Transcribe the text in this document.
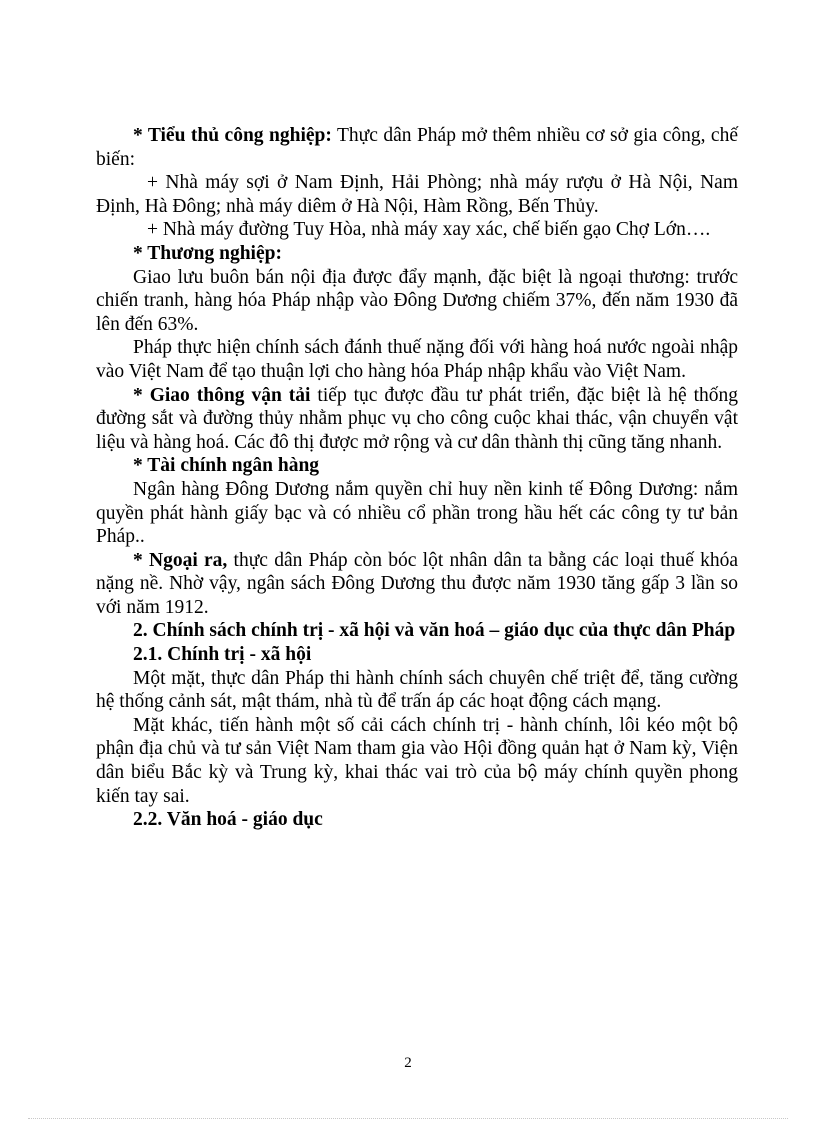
* Tiểu thủ công nghiệp: Thực dân Pháp mở thêm nhiều cơ sở gia công, chế biến:

+ Nhà máy sợi ở Nam Định, Hải Phòng; nhà máy rượu ở Hà Nội, Nam Định, Hà Đông; nhà máy diêm ở Hà Nội, Hàm Rồng, Bến Thủy.

+ Nhà máy đường Tuy Hòa, nhà máy xay xác, chế biến gạo Chợ Lớn….

* Thương nghiệp:

Giao lưu buôn bán nội địa được đẩy mạnh, đặc biệt là ngoại thương: trước chiến tranh, hàng hóa Pháp nhập vào Đông Dương chiếm 37%, đến năm 1930 đã lên đến 63%.

Pháp thực hiện chính sách đánh thuế nặng đối với hàng hoá nước ngoài nhập vào Việt Nam để tạo thuận lợi cho hàng hóa Pháp nhập khẩu vào Việt Nam.

* Giao thông vận tải tiếp tục được đầu tư phát triển, đặc biệt là hệ thống đường sắt và đường thủy nhằm phục vụ cho công cuộc khai thác, vận chuyển vật liệu và hàng hoá. Các đô thị được mở rộng và cư dân thành thị cũng tăng nhanh.

* Tài chính ngân hàng

Ngân hàng Đông Dương nắm quyền chỉ huy nền kinh tế Đông Dương: nắm quyền phát hành giấy bạc và có nhiều cổ phần trong hầu hết các công ty tư bản Pháp..

* Ngoại ra, thực dân Pháp còn bóc lột nhân dân ta bằng các loại thuế khóa nặng nề. Nhờ vậy, ngân sách Đông Dương thu được năm 1930 tăng gấp 3 lần so với năm 1912.

2. Chính sách chính trị - xã hội và văn hoá – giáo dục của thực dân Pháp

2.1. Chính trị - xã hội

Một mặt, thực dân Pháp thi hành chính sách chuyên chế triệt để, tăng cường hệ thống cảnh sát, mật thám, nhà tù để trấn áp các hoạt động cách mạng.

Mặt khác, tiến hành một số cải cách chính trị - hành chính, lôi kéo một bộ phận địa chủ và tư sản Việt Nam tham gia vào Hội đồng quản hạt ở Nam kỳ, Viện dân biểu Bắc kỳ và Trung kỳ, khai thác vai trò của bộ máy chính quyền phong kiến tay sai.

2.2. Văn hoá - giáo dục

2
